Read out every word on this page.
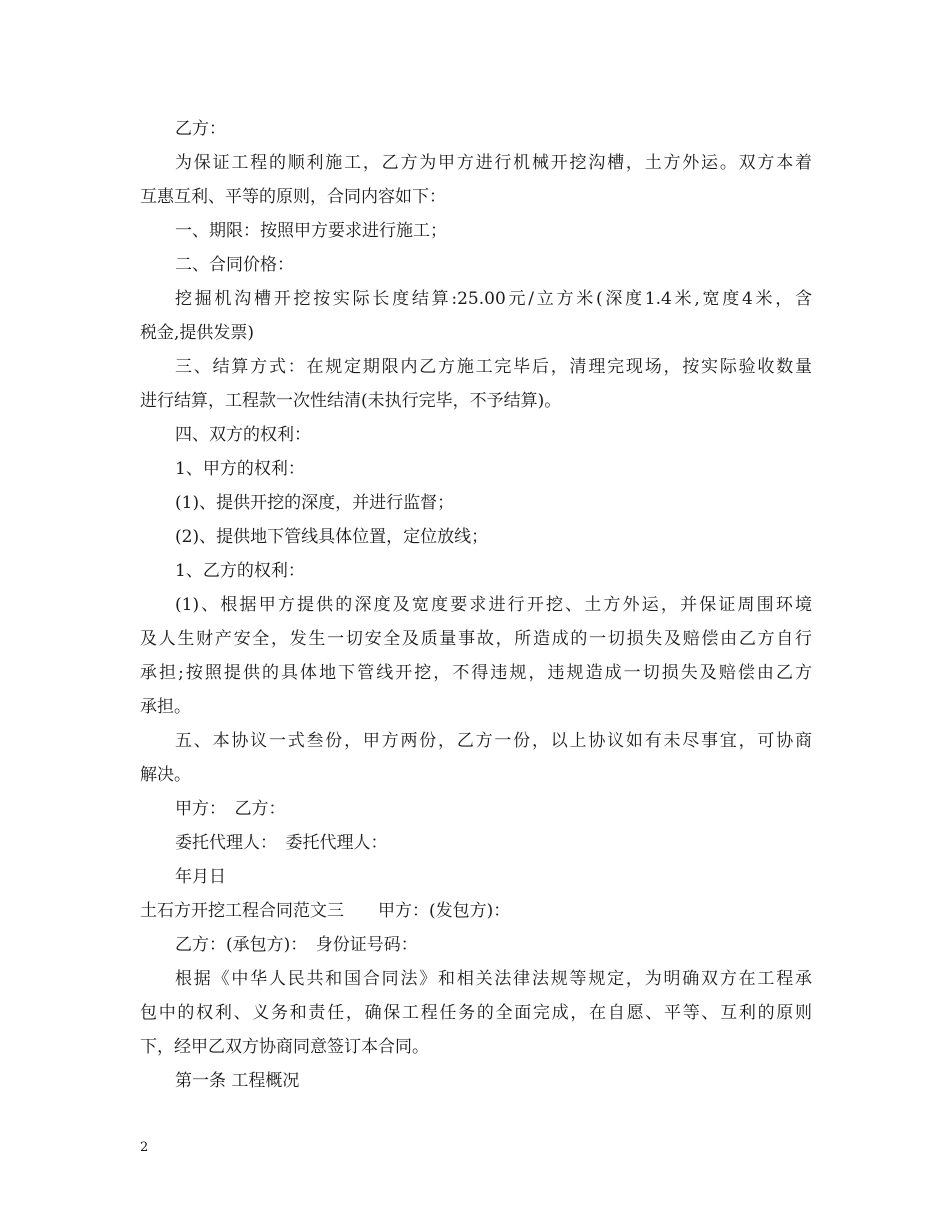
乙方：
为保证工程的顺利施工，乙方为甲方进行机械开挖沟槽，土方外运。双方本着
互惠互利、平等的原则，合同内容如下：
一、期限：按照甲方要求进行施工；
二、合同价格：
挖掘机沟槽开挖按实际长度结算:25.00元/立方米(深度1.4米,宽度4米，含
税金,提供发票)
三、结算方式：在规定期限内乙方施工完毕后，清理完现场，按实际验收数量
进行结算，工程款一次性结清(未执行完毕，不予结算)。
四、双方的权利：
1、甲方的权利：
(1)、提供开挖的深度，并进行监督；
(2)、提供地下管线具体位置，定位放线；
1、乙方的权利：
(1)、根据甲方提供的深度及宽度要求进行开挖、土方外运，并保证周围环境
及人生财产安全，发生一切安全及质量事故，所造成的一切损失及赔偿由乙方自行
承担;按照提供的具体地下管线开挖，不得违规，违规造成一切损失及赔偿由乙方
承担。
五、本协议一式叁份，甲方两份，乙方一份，以上协议如有未尽事宜，可协商
解决。
甲方：　乙方：
委托代理人：　委托代理人：
年月日
土石方开挖工程合同范文三　　甲方：(发包方)：
乙方：(承包方)：　身份证号码：
根据《中华人民共和国合同法》和相关法律法规等规定，为明确双方在工程承
包中的权利、义务和责任，确保工程任务的全面完成，在自愿、平等、互利的原则
下，经甲乙双方协商同意签订本合同。
第一条 工程概况
2
